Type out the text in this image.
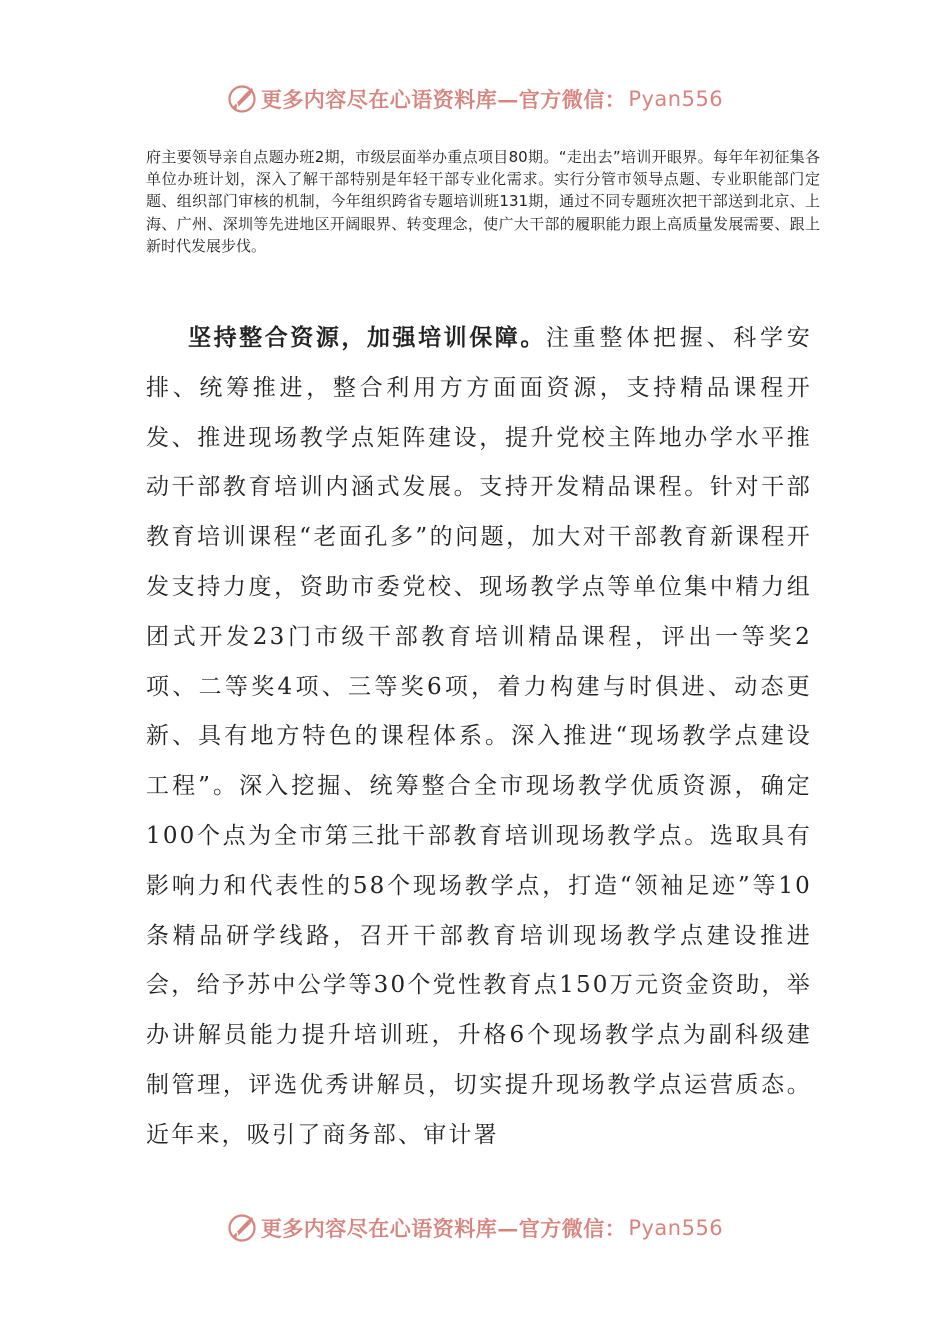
更多内容尽在心语资料库—官方微信： Pyan556

府主要领导亲自点题办班2期，市级层面举办重点项目80期。“走出去”培训开眼界。每年年初征集各单位办班计划，深入了解干部特别是年轻干部专业化需求。实行分管市领导点题、专业职能部门定题、组织部门审核的机制，今年组织跨省专题培训班131期，通过不同专题班次把干部送到北京、上海、广州、深圳等先进地区开阔眼界、转变理念，使广大干部的履职能力跟上高质量发展需要、跟上新时代发展步伐。

坚持整合资源，加强培训保障。注重整体把握、科学安排、统筹推进，整合利用方方面面资源，支持精品课程开发、推进现场教学点矩阵建设，提升党校主阵地办学水平推动干部教育培训内涵式发展。支持开发精品课程。针对干部教育培训课程“老面孔多”的问题，加大对干部教育新课程开发支持力度，资助市委党校、现场教学点等单位集中精力组团式开发23门市级干部教育培训精品课程，评出一等奖2项、二等奖4项、三等奖6项，着力构建与时俱进、动态更新、具有地方特色的课程体系。深入推进“现场教学点建设工程”。深入挖掘、统筹整合全市现场教学优质资源，确定100个点为全市第三批干部教育培训现场教学点。选取具有影响力和代表性的58个现场教学点，打造“领袖足迹”等10条精品研学线路，召开干部教育培训现场教学点建设推进会，给予苏中公学等30个党性教育点150万元资金资助，举办讲解员能力提升培训班，升格6个现场教学点为副科级建制管理，评选优秀讲解员，切实提升现场教学点运营质态。近年来，吸引了商务部、审计署

更多内容尽在心语资料库—官方微信： Pyan556
